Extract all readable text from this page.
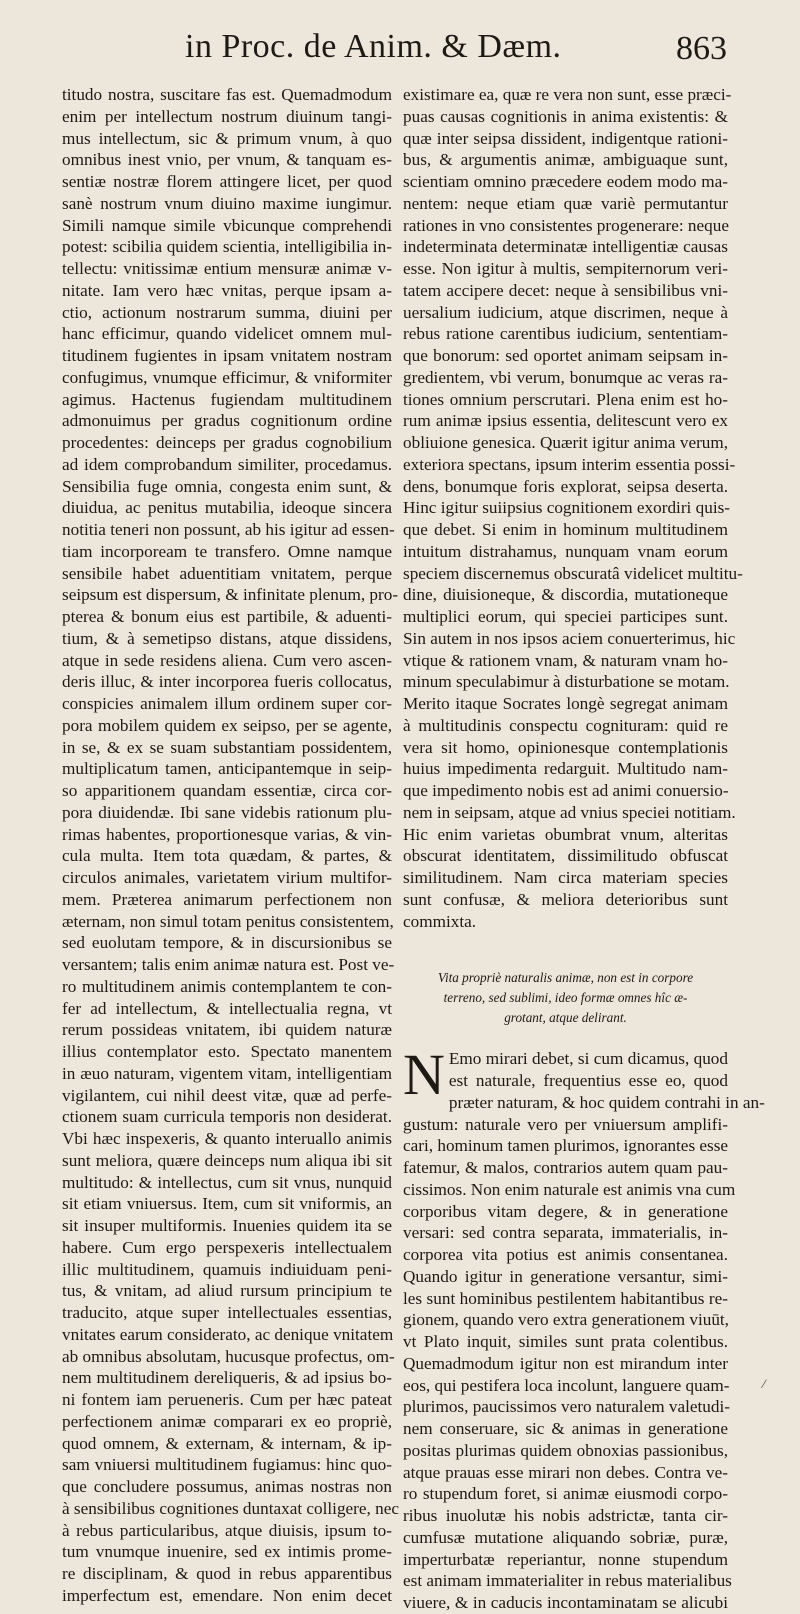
in Proc. de Anim. & Dæm.	863
titudo nostra, suscitare fas est. Quemadmodum
enim per intellectum nostrum diuinum tangi-
mus intellectum, sic & primum vnum, à quo
omnibus inest vnio, per vnum, & tanquam es-
sentiæ nostræ florem attingere licet, per quod
sanè nostrum vnum diuino maxime iungimur.
Simili namque simile vbicunque comprehendi
potest: scibilia quidem scientia, intelligibilia in-
tellectu: vnitissimæ entium mensuræ animæ v-
nitate. Iam vero hæc vnitas, perque ipsam a-
ctio, actionum nostrarum summa, diuini per
hanc efficimur, quando videlicet omnem mul-
titudinem fugientes in ipsam vnitatem nostram
confugimus, vnumque efficimur, & vniformiter
agimus. Hactenus fugiendam multitudinem
admonuimus per gradus cognitionum ordine
procedentes: deinceps per gradus cognobilium
ad idem comprobandum similiter, procedamus.
Sensibilia fuge omnia, congesta enim sunt, &
diuidua, ac penitus mutabilia, ideoque sincera
notitia teneri non possunt, ab his igitur ad essen-
tiam incorpoream te transfero. Omne namque
sensibile habet aduentitiam vnitatem, perque
seipsum est dispersum, & infinitate plenum, pro-
pterea & bonum eius est partibile, & aduenti-
tium, & à semetipso distans, atque dissidens,
atque in sede residens aliena. Cum vero ascen-
deris illuc, & inter incorporea fueris collocatus,
conspicies animalem illum ordinem super cor-
pora mobilem quidem ex seipso, per se agente,
in se, & ex se suam substantiam possidentem,
multiplicatum tamen, anticipantemque in seip-
so apparitionem quandam essentiæ, circa cor-
pora diuidendæ. Ibi sane videbis rationum plu-
rimas habentes, proportionesque varias, & vin-
cula multa. Item tota quædam, & partes, &
circulos animales, varietatem virium multifor-
mem. Præterea animarum perfectionem non
æternam, non simul totam penitus consistentem,
sed euolutam tempore, & in discursionibus se
versantem; talis enim animæ natura est. Post ve-
ro multitudinem animis contemplantem te con-
fer ad intellectum, & intellectualia regna, vt
rerum possideas vnitatem, ibi quidem naturæ
illius contemplator esto. Spectato manentem
in æuo naturam, vigentem vitam, intelligentiam
vigilantem, cui nihil deest vitæ, quæ ad perfe-
ctionem suam curricula temporis non desiderat.
Vbi hæc inspexeris, & quanto interuallo animis
sunt meliora, quære deinceps num aliqua ibi sit
multitudo: & intellectus, cum sit vnus, nunquid
sit etiam vniuersus. Item, cum sit vniformis, an
sit insuper multiformis. Inuenies quidem ita se
habere. Cum ergo perspexeris intellectualem
illic multitudinem, quamuis indiuiduam peni-
tus, & vnitam, ad aliud rursum principium te
traducito, atque super intellectuales essentias,
vnitates earum considerato, ac denique vnitatem
ab omnibus absolutam, hucusque profectus, om-
nem multitudinem dereliqueris, & ad ipsius bo-
ni fontem iam perueneris. Cum per hæc pateat
perfectionem animæ comparari ex eo propriè,
quod omnem, & externam, & internam, & ip-
sam vniuersi multitudinem fugiamus: hinc quo-
que concludere possumus, animas nostras non
à sensibilibus cognitiones duntaxat colligere, nec
à rebus particularibus, atque diuisis, ipsum to-
tum vnumque inuenire, sed ex intimis prome-
re disciplinam, & quod in rebus apparentibus
imperfectum est, emendare. Non enim decet
existimare ea, quæ re vera non sunt, esse præci-
puas causas cognitionis in anima existentis: &
quæ inter seipsa dissident, indigentque rationi-
bus, & argumentis animæ, ambiguaque sunt,
scientiam omnino præcedere eodem modo ma-
nentem: neque etiam quæ variè permutantur
rationes in vno consistentes progenerare: neque
indeterminata determinatæ intelligentiæ causas
esse. Non igitur à multis, sempiternorum veri-
tatem accipere decet: neque à sensibilibus vni-
uersalium iudicium, atque discrimen, neque à
rebus ratione carentibus iudicium, sententiam-
que bonorum: sed oportet animam seipsam in-
gredientem, vbi verum, bonumque ac veras ra-
tiones omnium perscrutari. Plena enim est ho-
rum animæ ipsius essentia, delitescunt vero ex
obliuione genesica. Quærit igitur anima verum,
exteriora spectans, ipsum interim essentia possi-
dens, bonumque foris explorat, seipsa deserta.
Hinc igitur suiipsius cognitionem exordiri quis-
que debet. Si enim in hominum multitudinem
intuitum distrahamus, nunquam vnam eorum
speciem discernemus obscuratâ videlicet multitu-
dine, diuisioneque, & discordia, mutationeque
multiplici eorum, qui speciei participes sunt.
Sin autem in nos ipsos aciem conuerterimus, hic
vtique & rationem vnam, & naturam vnam ho-
minum speculabimur à disturbatione se motam.
Merito itaque Socrates longè segregat animam
à multitudinis conspectu cognituram: quid re
vera sit homo, opinionesque contemplationis
huius impedimenta redarguit. Multitudo nam-
que impedimento nobis est ad animi conuersio-
nem in seipsam, atque ad vnius speciei notitiam.
Hic enim varietas obumbrat vnum, alteritas
obscurat identitatem, dissimilitudo obfuscat
similitudinem. Nam circa materiam species
sunt confusæ, & meliora deterioribus sunt
commixta.
Vita propriè naturalis animæ, non est in corpore
terreno, sed sublimi, ideo formæ omnes hîc æ-
grotant, atque delirant.
N Emo mirari debet, si cum dicamus, quod
est naturale, frequentius esse eo, quod
præter naturam, & hoc quidem contrahi in an-
gustum: naturale vero per vniuersum amplifi-
cari, hominum tamen plurimos, ignorantes esse
fatemur, & malos, contrarios autem quam pau-
cissimos. Non enim naturale est animis vna cum
corporibus vitam degere, & in generatione
versari: sed contra separata, immaterialis, in-
corporea vita potius est animis consentanea.
Quando igitur in generatione versantur, simi-
les sunt hominibus pestilentem habitantibus re-
gionem, quando vero extra generationem viuūt,
vt Plato inquit, similes sunt prata colentibus.
Quemadmodum igitur non est mirandum inter
eos, qui pestifera loca incolunt, languere quam-
plurimos, paucissimos vero naturalem valetudi-
nem conseruare, sic & animas in generatione
positas plurimas quidem obnoxias passionibus,
atque prauas esse mirari non debes. Contra ve-
ro stupendum foret, si animæ eiusmodi corpo-
ribus inuolutæ his nobis adstrictæ, tanta cir-
cumfusæ mutatione aliquando sobriæ, puræ,
imperturbatæ reperiantur, nonne stupendum
est animam immaterialiter in rebus materialibus
viuere, & in caducis incontaminatam se alicubi
⁄
